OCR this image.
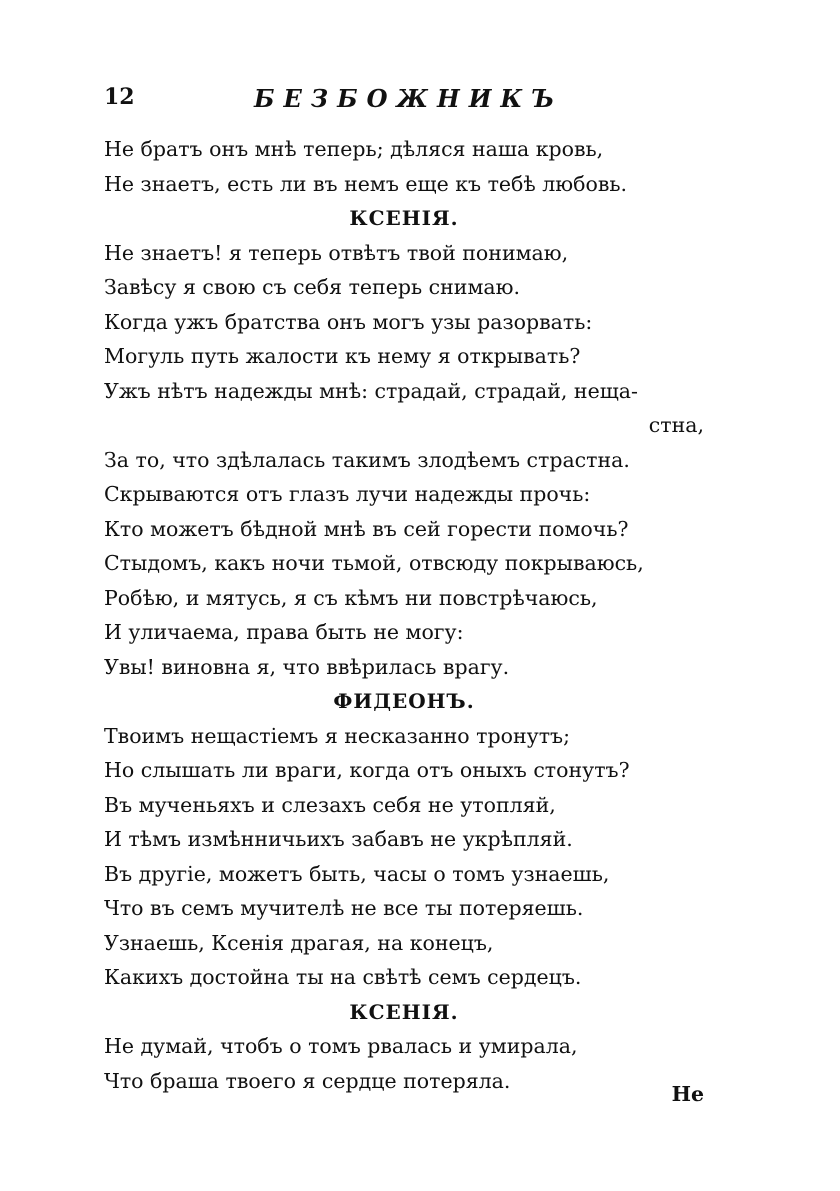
12	БЕЗБОЖНИКЪ
Не братъ онъ мнѣ теперь; дѣляся наша кровь,
Не знаетъ, есть ли въ немъ еще къ тебѣ любовь.
КСЕНІЯ.
Не знаетъ! я теперь отвѣтъ твой понимаю,
Завѣсу я свою съ себя теперь снимаю.
Когда ужъ братства онъ могъ узы разорвать:
Могуль путь жалости къ нему я открывать?
Ужъ нѣтъ надежды мнѣ: страдай, страдай, неща-
стна,
За то, что здѣлалась такимъ злодѣемъ страстна.
Скрываются отъ глазъ лучи надежды прочь:
Кто можетъ бѣдной мнѣ въ сей горести помочь?
Стыдомъ, какъ ночи тьмой, отвсюду покрываюсь,
Робѣю, и мятусь, я съ кѣмъ ни повстрѣчаюсь,
И уличаема, права быть не могу:
Увы! виновна я, что ввѣрилась врагу.
ФИДЕОНЪ.
Твоимъ нещастіемъ я несказанно тронутъ;
Но слышать ли враги, когда отъ оныхъ стонутъ?
Въ мученьяхъ и слезахъ себя не утопляй,
И тѣмъ измѣнничьихъ забавъ не укрѣпляй.
Въ другіе, можетъ быть, часы о томъ узнаешь,
Что въ семъ мучителѣ не все ты потеряешь.
Узнаешь, Ксенія драгая, на конецъ,
Какихъ достойна ты на свѣтѣ семъ сердецъ.
КСЕНІЯ.
Не думай, чтобъ о томъ рвалась и умирала,
Что браша твоего я сердце потеряла.
Не
